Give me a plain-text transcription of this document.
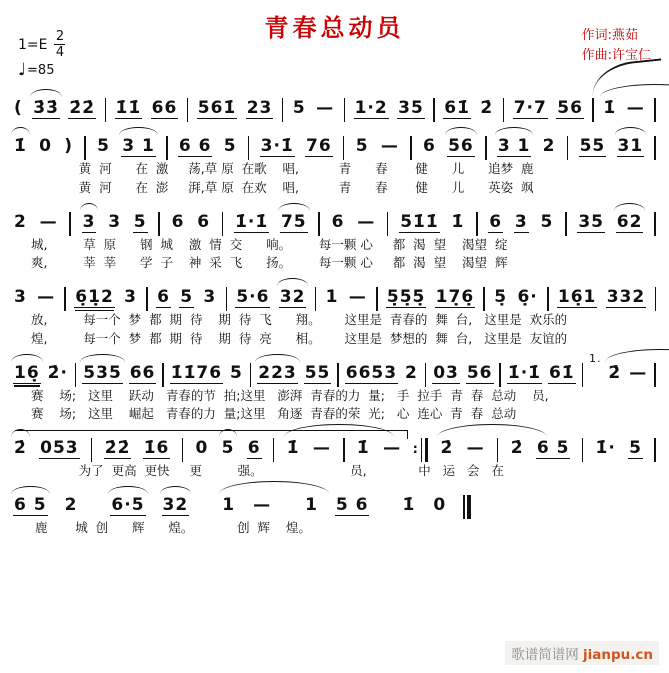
青春总动员	作词:燕茹
作曲:许宝仁
$1=E \frac{2}{4}$
♩ =85
( 3̇3̇ 2̇2̇ 1̇1̇ 66 561̇ 23 5 — 1·2 35 61̇ 2̇ 7·7 56 1̇ —
1̇ 0 ) 5 3 1 6 6 5 3·1̇ 76 5 — 6 56 3 1 2 55 31
黄  河      在  激     荡,草 原  在歌    唱,          青      春       健      儿      追梦  鹿
黄  河      在  澎     湃,草 原  在欢    唱,          青      春       健      儿      英姿  飒
2 — 3 3 5 6 6 1̇·1̇ 75 6 — 51̇1̇ 1̇ 6 3 5 35 62
城,         草  原      钢  城    激  情  交      响。       每一颗 心     都  渴  望    渴望  绽
爽,         莘  莘      学  子    神  采  飞      扬。       每一颗 心     都  渴  望    渴望  辉
3 — 6̣1̣2 3 6 5 3 5·6 32 1 — 5̣5̣5̣ 17̣6̣ 5̣ 6̣· 16̣1 332
放,         每一个  梦  都  期  待    期  待  飞      翔。      这里是  青春的  舞  台,   这里是  欢乐的
煌,         每一个  梦  都  期  待    期  待  亮      相。      这里是  梦想的  舞  台,   这里是  友谊的
16̣ 2̇· 535 66 1̇1̇76 5 223 55 6653 2 03 56 1̇·1̇ 61̇
1.
2̇ —
赛    场;   这里    跃动   青春的节  拍;这里   澎湃  青春的力  量;   手  拉手  青  春  总动    员,
赛    场;   这里    崛起   青春的力  量;这里   角逐  青春的荣  光;   心  连心  青  春  总动
2̇ 053 2̇2̇ 1̇6 0 5 6 1̇ — 1̇ — ∶ 2̇ — 2̇ 6 5 1̇· 5
为了  更高  更快     更         强。                      员,             中   运   会   在
6 5 2 6·5 32 1 — 1 5 6 1̇ 0
鹿       城  创      辉      煌。           创  辉    煌。
歌谱简谱网 jianpu.cn
